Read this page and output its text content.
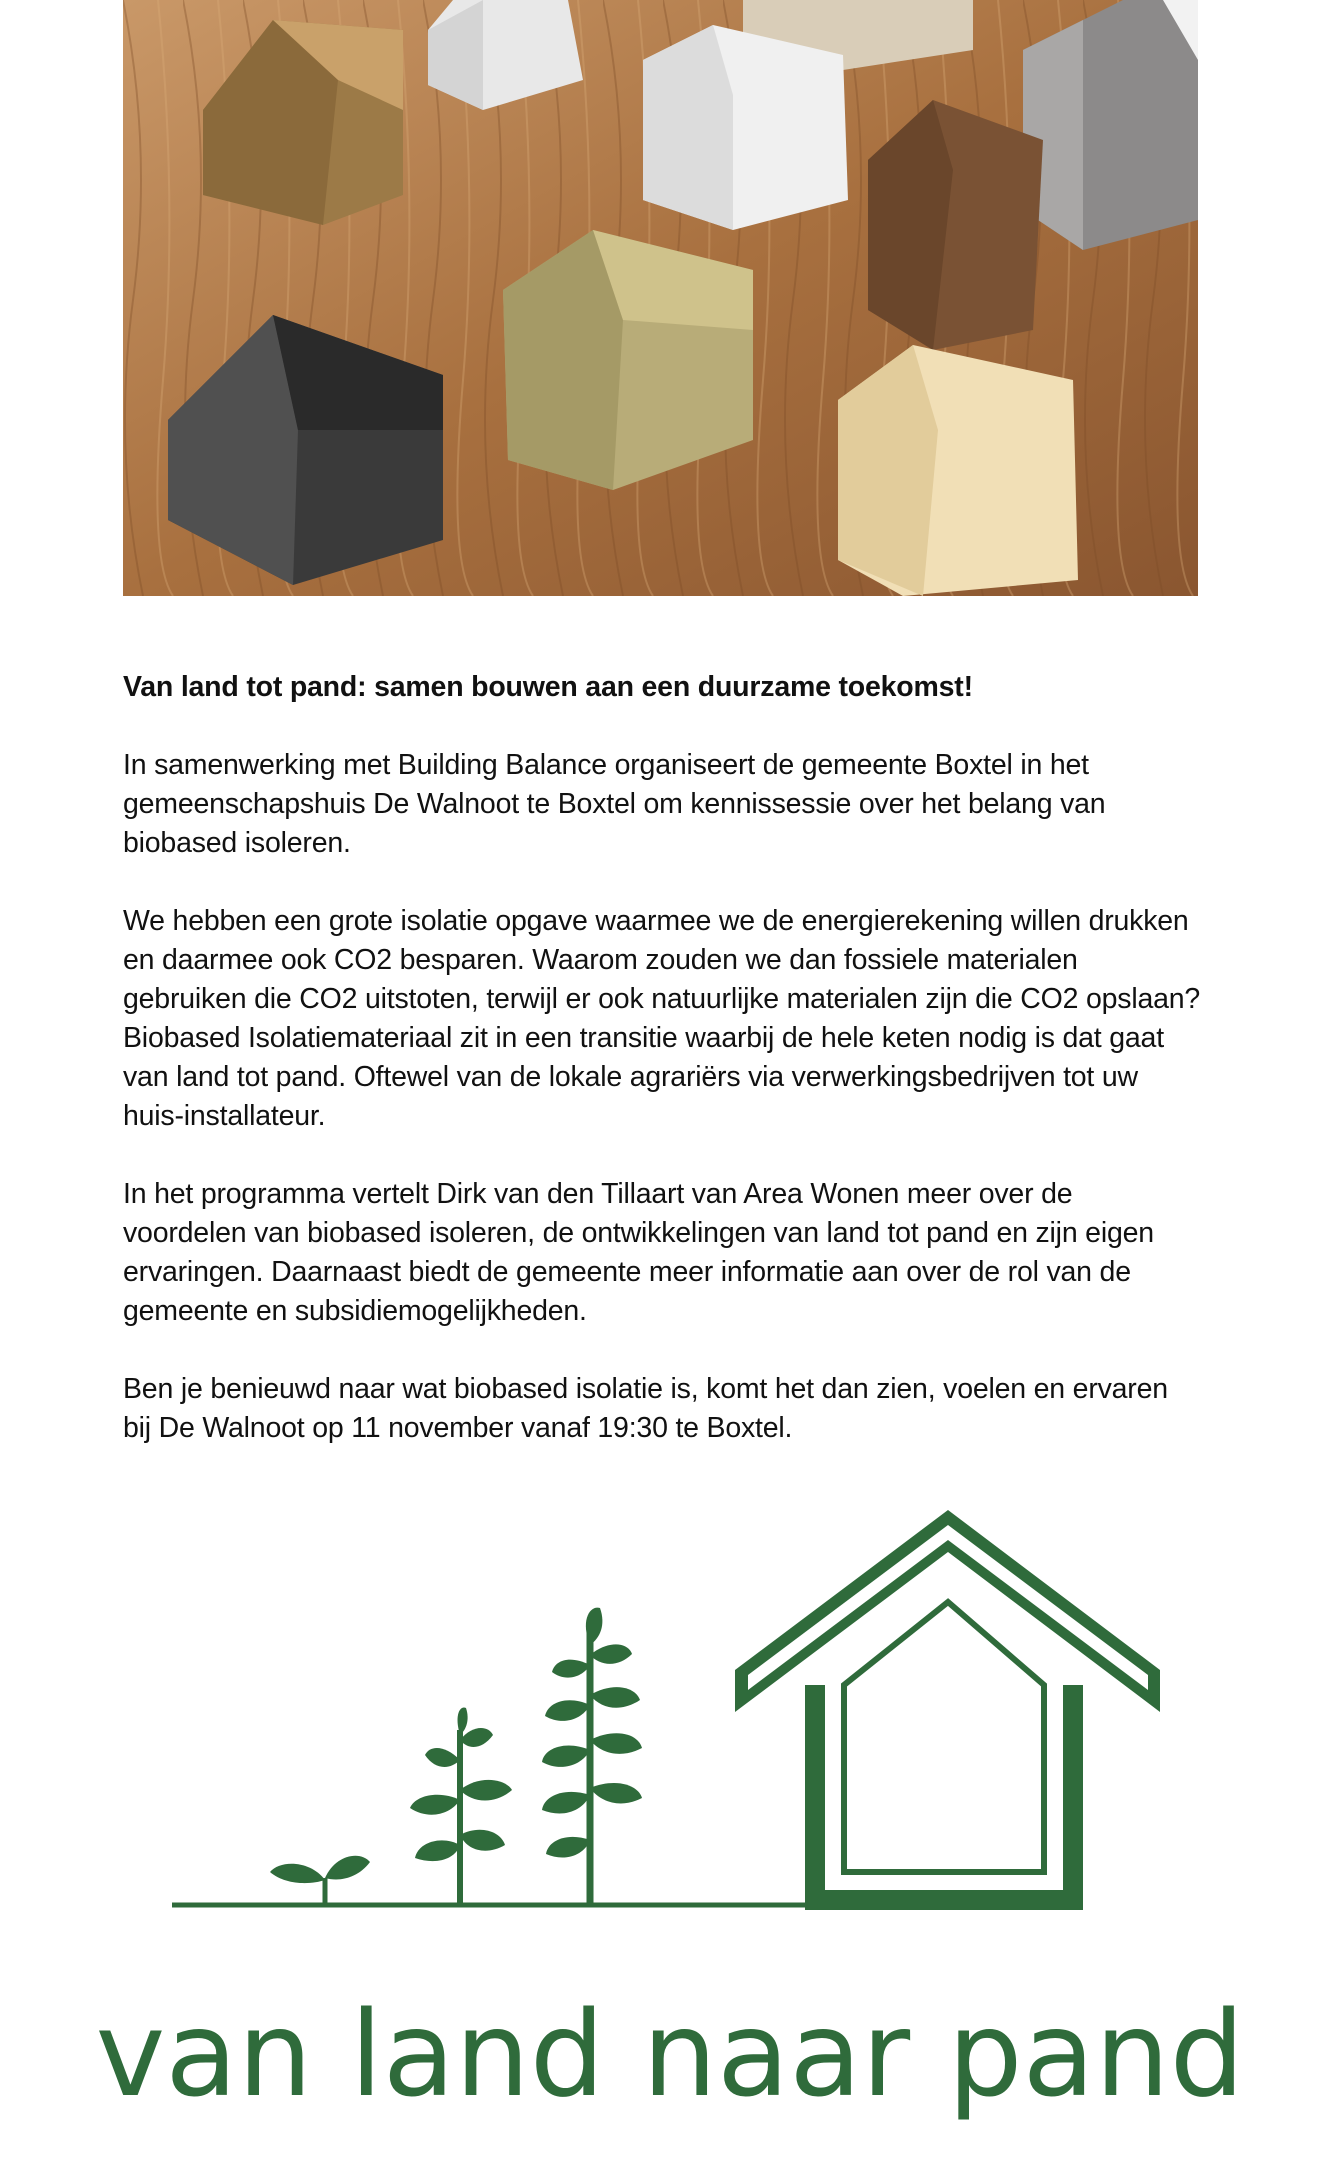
Van land tot pand: samen bouwen aan een duurzame toekomst!

In samenwerking met Building Balance organiseert de gemeente Boxtel in het gemeenschapshuis De Walnoot te Boxtel om kennissessie over het belang van biobased isoleren.

We hebben een grote isolatie opgave waarmee we de energierekening willen drukken en daarmee ook CO2 besparen. Waarom zouden we dan fossiele materialen gebruiken die CO2 uitstoten, terwijl er ook natuurlijke materialen zijn die CO2 opslaan? Biobased Isolatiemateriaal zit in een transitie waarbij de hele keten nodig is dat gaat van land tot pand. Oftewel van de lokale agrariërs via verwerkingsbedrijven tot uw huis-installateur.

In het programma vertelt Dirk van den Tillaart van Area Wonen meer over de voordelen van biobased isoleren, de ontwikkelingen van land tot pand en zijn eigen ervaringen. Daarnaast biedt de gemeente meer informatie aan over de rol van de gemeente en subsidiemogelijkheden.

Ben je benieuwd naar wat biobased isolatie is, komt het dan zien, voelen en ervaren bij De Walnoot op 11 november vanaf 19:30 te Boxtel.

van land naar pand
